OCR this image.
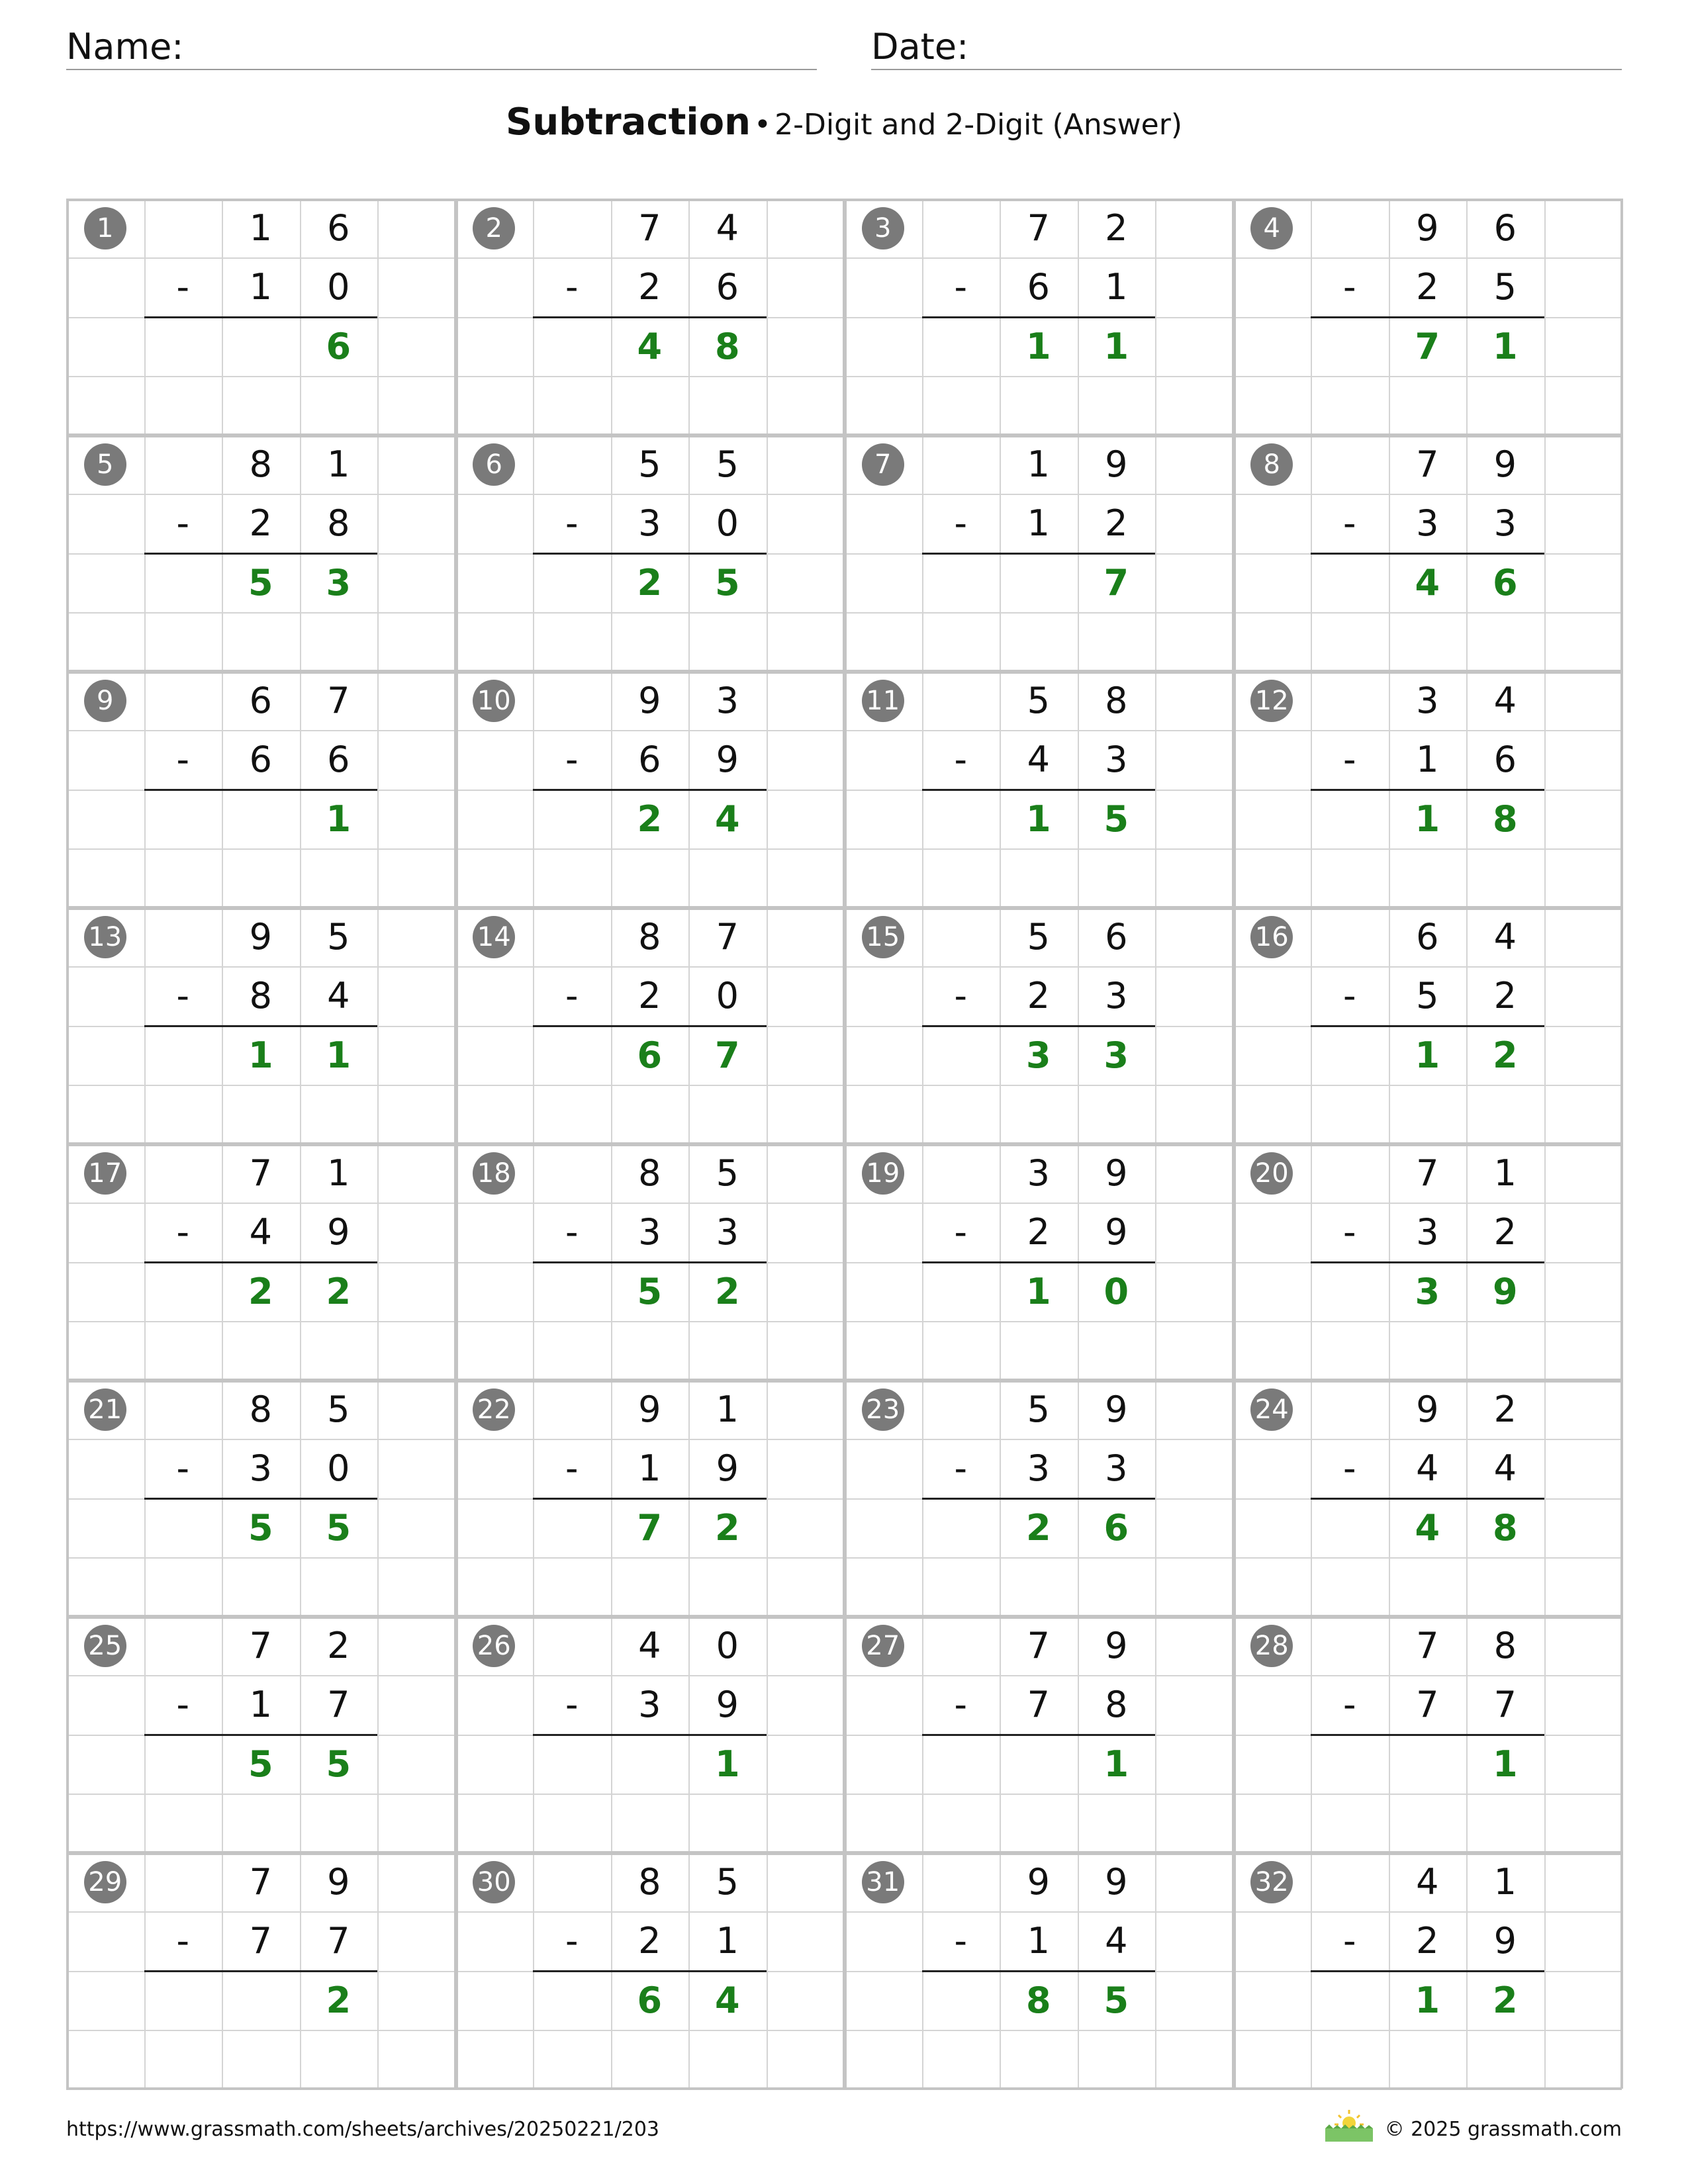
Name:	Date:
Subtraction • 2-Digit and 2-Digit (Answer)
1	1	6
-	1	0
6
2	7	4
-	2	6
4	8
3	7	2
-	6	1
1	1
4	9	6
-	2	5
7	1
5	8	1
-	2	8
5	3
6	5	5
-	3	0
2	5
7	1	9
-	1	2
7
8	7	9
-	3	3
4	6
9	6	7
-	6	6
1
10	9	3
-	6	9
2	4
11	5	8
-	4	3
1	5
12	3	4
-	1	6
1	8
13	9	5
-	8	4
1	1
14	8	7
-	2	0
6	7
15	5	6
-	2	3
3	3
16	6	4
-	5	2
1	2
17	7	1
-	4	9
2	2
18	8	5
-	3	3
5	2
19	3	9
-	2	9
1	0
20	7	1
-	3	2
3	9
21	8	5
-	3	0
5	5
22	9	1
-	1	9
7	2
23	5	9
-	3	3
2	6
24	9	2
-	4	4
4	8
25	7	2
-	1	7
5	5
26	4	0
-	3	9
1
27	7	9
-	7	8
1
28	7	8
-	7	7
1
29	7	9
-	7	7
2
30	8	5
-	2	1
6	4
31	9	9
-	1	4
8	5
32	4	1
-	2	9
1	2
https://www.grassmath.com/sheets/archives/20250221/203	© 2025 grassmath.com
